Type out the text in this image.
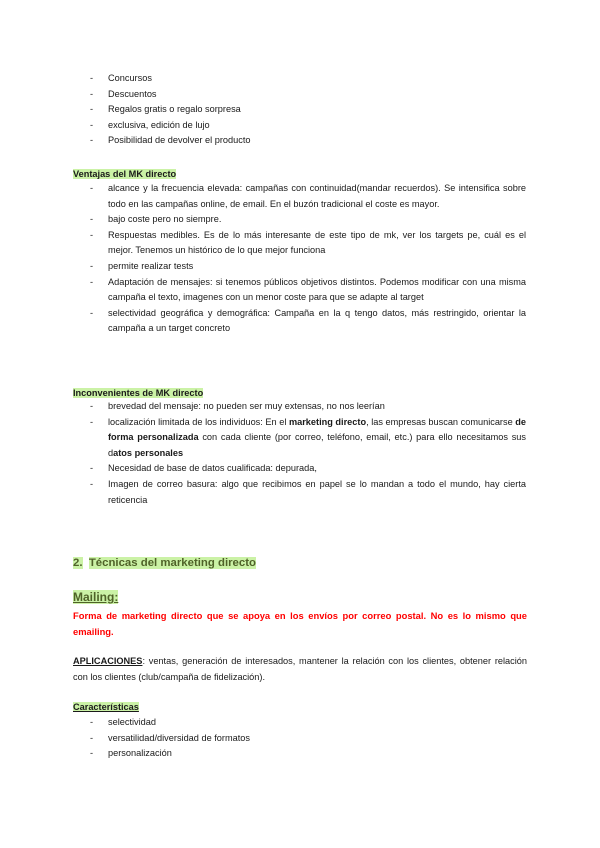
- Concursos
- Descuentos
- Regalos gratis o regalo sorpresa
- exclusiva, edición de lujo
- Posibilidad de devolver el producto
Ventajas del MK directo
- alcance y la frecuencia elevada: campañas con continuidad(mandar recuerdos). Se intensifica sobre todo en las campañas online, de email. En el buzón tradicional el coste es mayor.
- bajo coste pero no siempre.
- Respuestas medibles. Es de lo más interesante de este tipo de mk, ver los targets pe, cuál es el mejor. Tenemos un histórico de lo que mejor funciona
- permite realizar tests
- Adaptación de mensajes: si tenemos públicos objetivos distintos. Podemos modificar con una misma campaña el texto, imagenes con un menor coste para que se adapte al target
- selectividad geográfica y demográfica: Campaña en la q tengo datos, más restringido, orientar la campaña a un target concreto
Inconvenientes de MK directo
- brevedad del mensaje: no pueden ser muy extensas, no nos leerían
- localización limitada de los individuos: En el marketing directo, las empresas buscan comunicarse de forma personalizada con cada cliente (por correo, teléfono, email, etc.) para ello necesitamos sus datos personales
- Necesidad de base de datos cualificada: depurada,
- Imagen de correo basura: algo que recibimos en papel se lo mandan a todo el mundo, hay cierta reticencia
2. Técnicas del marketing directo
Mailing:
Forma de marketing directo que se apoya en los envíos por correo postal. No es lo mismo que emailing.
APLICACIONES: ventas, generación de interesados, mantener la relación con los clientes, obtener relación con los clientes (club/campaña de fidelización).
Características
- selectividad
- versatilidad/diversidad de formatos
- personalización
